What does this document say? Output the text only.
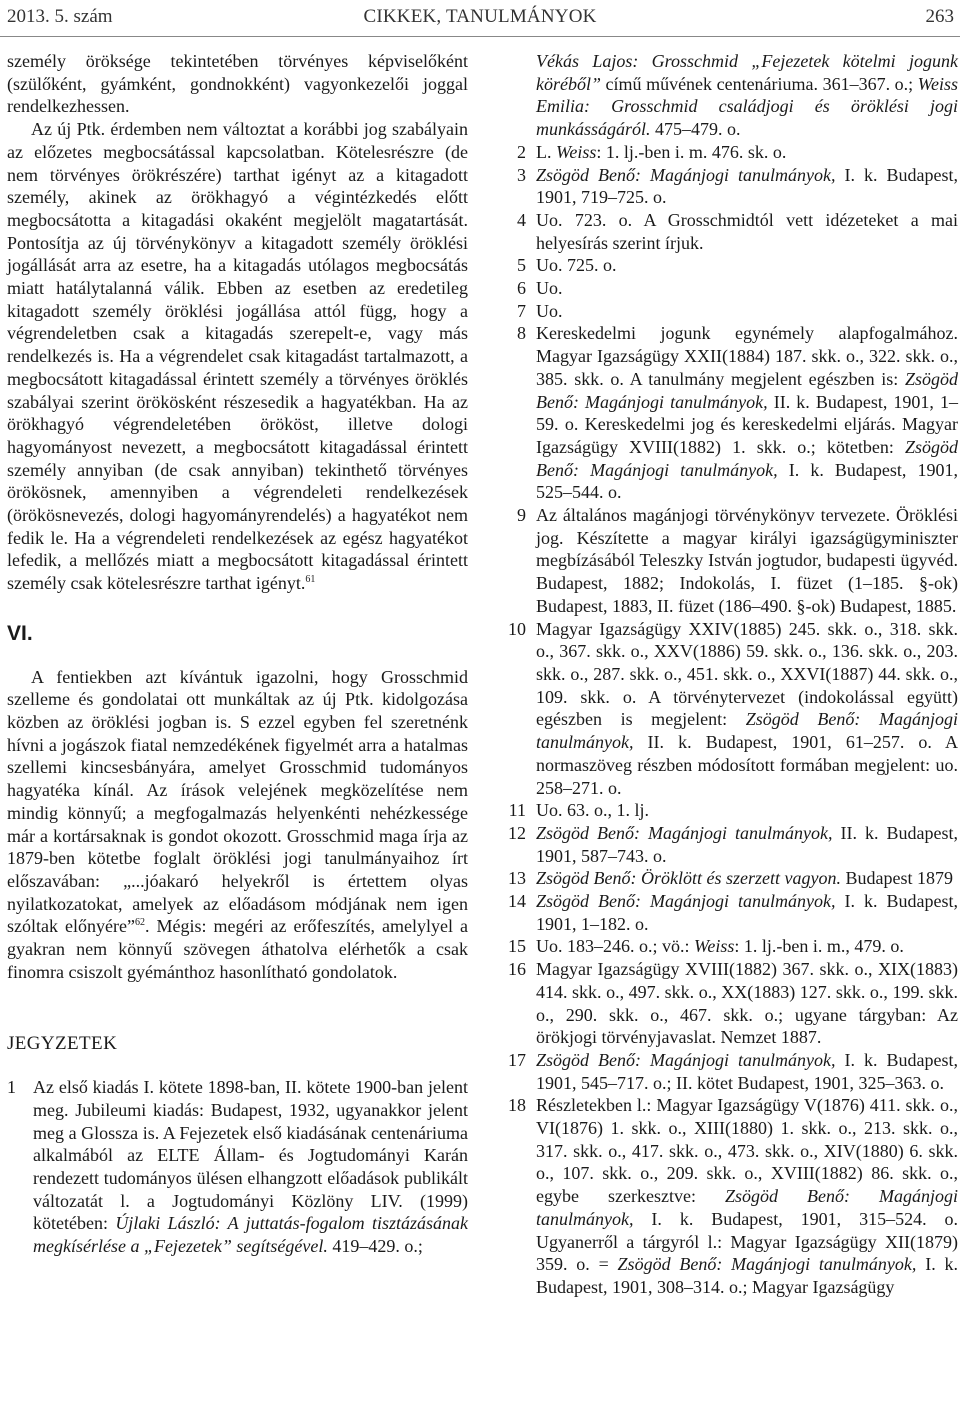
2013. 5. szám	CIKKEK, TANULMÁNYOK	263

személy öröksége tekintetében törvényes képviselőként (szülőként, gyámként, gondnokként) vagyonkezelői joggal rendelkezhessen.

Az új Ptk. érdemben nem változtat a korábbi jog szabályain az előzetes megbocsátással kapcsolatban. Kötelesrészre (de nem törvényes örökrészére) tarthat igényt az a kitagadott személy, akinek az örökhagyó a végintézkedés előtt megbocsátotta a kitagadási okaként megjelölt magatartását. Pontosítja az új törvénykönyv a kitagadott személy öröklési jogállását arra az esetre, ha a kitagadás utólagos megbocsátás miatt hatálytalanná válik. Ebben az esetben az eredetileg kitagadott személy öröklési jogállása attól függ, hogy a végrendeletben csak a kitagadás szerepelt-e, vagy más rendelkezés is. Ha a végrendelet csak kitagadást tartalmazott, a megbocsátott kitagadással érintett személy a törvényes öröklés szabályai szerint örökösként részesedik a hagyatékban. Ha az örökhagyó végrendeletében örököst, illetve dologi hagyományost nevezett, a megbocsátott kitagadással érintett személy annyiban (de csak annyiban) tekinthető törvényes örökösnek, amennyiben a végrendeleti rendelkezések (örökösnevezés, dologi hagyományrendelés) a hagyatékot nem fedik le. Ha a végrendeleti rendelkezések az egész hagyatékot lefedik, a mellőzés miatt a megbocsátott kitagadással érintett személy csak kötelesrészre tarthat igényt.$^{61}$

VI.

A fentiekben azt kívántuk igazolni, hogy Grosschmid szelleme és gondolatai ott munkáltak az új Ptk. kidolgozása közben az öröklési jogban is. S ezzel egyben fel szeretnénk hívni a jogászok fiatal nemzedékének figyelmét arra a hatalmas szellemi kincsesbányára, amelyet Grosschmid tudományos hagyatéka kínál. Az írások velejének megközelítése nem mindig könnyű; a megfogalmazás helyenkénti nehézkessége már a kortársaknak is gondot okozott. Grosschmid maga írja az 1879-ben kötetbe foglalt öröklési jogi tanulmányaihoz írt előszavában: „...jóakaró helyekről is értettem olyas nyilatkozatokat, amelyek az előadásom módjának nem igen szóltak előnyére”$^{62}$. Mégis: megéri az erőfeszítés, amelylyel a gyakran nem könnyű szövegen áthatolva elérhetők a csak finomra csiszolt gyémánthoz hasonlítható gondolatok.

JEGYZETEK
1 Az első kiadás I. kötete 1898-ban, II. kötete 1900-ban jelent meg. Jubileumi kiadás: Budapest, 1932, ugyanakkor jelent meg a Glossza is. A Fejezetek első kiadásának centenáriuma alkalmából az ELTE Állam- és Jogtudományi Karán rendezett tudományos ülésen elhangzott előadások publikált változatát l. a Jogtudományi Közlöny LIV. (1999) kötetében: Újlaki László: A juttatás-fogalom tisztázásának megkísérlése a „Fejezetek” segítségével. 419–429. o.;
Vékás Lajos: Grosschmid „Fejezetek kötelmi jogunk köréből” című művének centenáriuma. 361–367. o.; Weiss Emilia: Grosschmid családjogi és öröklési jogi munkásságáról. 475–479. o.
2 L. Weiss: 1. lj.-ben i. m. 476. sk. o.
3 Zsögöd Benő: Magánjogi tanulmányok, I. k. Budapest, 1901, 719–725. o.
4 Uo. 723. o. A Grosschmidtól vett idézeteket a mai helyesírás szerint írjuk.
5 Uo. 725. o.
6 Uo.
7 Uo.
8 Kereskedelmi jogunk egynémely alapfogalmához. Magyar Igazságügy XXII(1884) 187. skk. o., 322. skk. o., 385. skk. o. A tanulmány megjelent egészben is: Zsögöd Benő: Magánjogi tanulmányok, II. k. Budapest, 1901, 1–59. o. Kereskedelmi jog és kereskedelmi eljárás. Magyar Igazságügy XVIII(1882) 1. skk. o.; kötetben: Zsögöd Benő: Magánjogi tanulmányok, I. k. Budapest, 1901, 525–544. o.
9 Az általános magánjogi törvénykönyv tervezete. Öröklési jog. Készítette a magyar királyi igazságügyminiszter megbízásából Teleszky István jogtudor, budapesti ügyvéd. Budapest, 1882; Indokolás, I. füzet (1–185. §-ok) Budapest, 1883, II. füzet (186–490. §-ok) Budapest, 1885.
10 Magyar Igazságügy XXIV(1885) 245. skk. o., 318. skk. o., 367. skk. o., XXV(1886) 59. skk. o., 136. skk. o., 203. skk. o., 287. skk. o., 451. skk. o., XXVI(1887) 44. skk. o., 109. skk. o. A törvénytervezet (indokolással együtt) egészben is megjelent: Zsögöd Benő: Magánjogi tanulmányok, II. k. Budapest, 1901, 61–257. o. A normaszöveg részben módosított formában megjelent: uo. 258–271. o.
11 Uo. 63. o., 1. lj.
12 Zsögöd Benő: Magánjogi tanulmányok, II. k. Budapest, 1901, 587–743. o.
13 Zsögöd Benő: Öröklött és szerzett vagyon. Budapest 1879
14 Zsögöd Benő: Magánjogi tanulmányok, I. k. Budapest, 1901, 1–182. o.
15 Uo. 183–246. o.; vö.: Weiss: 1. lj.-ben i. m., 479. o.
16 Magyar Igazságügy XVIII(1882) 367. skk. o., XIX(1883) 414. skk. o., 497. skk. o., XX(1883) 127. skk. o., 199. skk. o., 290. skk. o., 467. skk. o.; ugyane tárgyban: Az örökjogi törvényjavaslat. Nemzet 1887.
17 Zsögöd Benő: Magánjogi tanulmányok, I. k. Budapest, 1901, 545–717. o.; II. kötet Budapest, 1901, 325–363. o.
18 Részletekben l.: Magyar Igazságügy V(1876) 411. skk. o., VI(1876) 1. skk. o., XIII(1880) 1. skk. o., 213. skk. o., 317. skk. o., 417. skk. o., 473. skk. o., XIV(1880) 6. skk. o., 107. skk. o., 209. skk. o., XVIII(1882) 86. skk. o., egybe szerkesztve: Zsögöd Benő: Magánjogi tanulmányok, I. k. Budapest, 1901, 315–524. o. Ugyanerről a tárgyról l.: Magyar Igazságügy XII(1879) 359. o. = Zsögöd Benő: Magánjogi tanulmányok, I. k. Budapest, 1901, 308–314. o.; Magyar Igazságügy
